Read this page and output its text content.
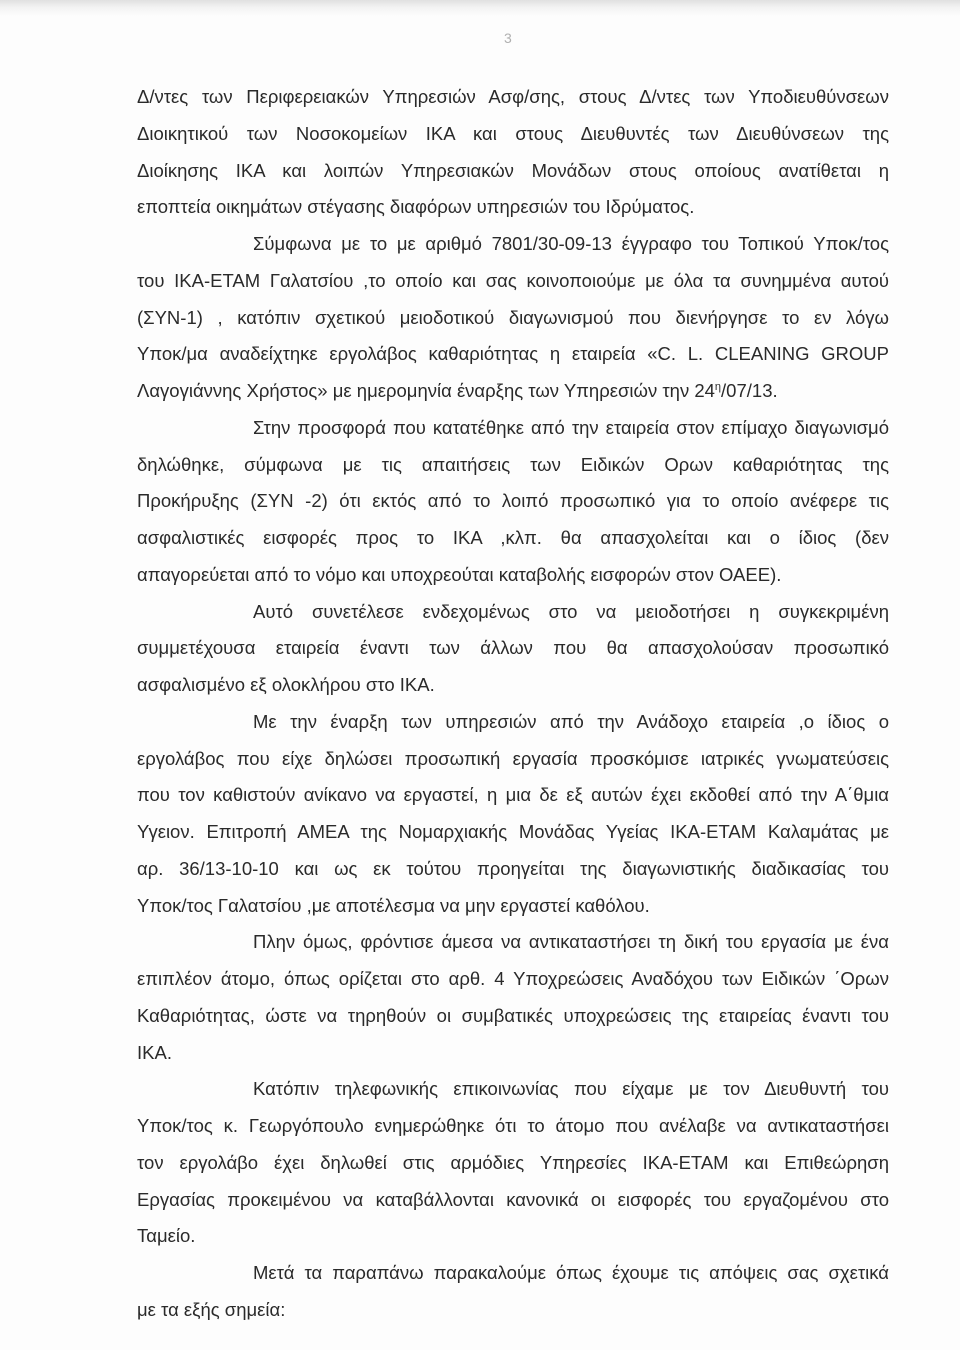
3
Δ/ντες των Περιφερειακών Υπηρεσιών Ασφ/σης, στους Δ/ντες των Υποδιευθύνσεων
Διοικητικού των Νοσοκομείων ΙΚΑ και στους Διευθυντές των Διευθύνσεων της
Διοίκησης ΙΚΑ και λοιπών Υπηρεσιακών Μονάδων στους οποίους ανατίθεται η
εποπτεία οικημάτων στέγασης διαφόρων υπηρεσιών του Ιδρύματος.
Σύμφωνα με το με αριθμό 7801/30-09-13 έγγραφο του Τοπικού Υποκ/τος
του ΙΚΑ-ΕΤΑΜ Γαλατσίου ,το οποίο και σας κοινοποιούμε με όλα τα συνημμένα αυτού
(ΣΥΝ-1) , κατόπιν σχετικού μειοδοτικού διαγωνισμού που διενήργησε το εν λόγω
Υποκ/μα αναδείχτηκε εργολάβος καθαριότητας η εταιρεία «C. L. CLEANING GROUP
Λαγογιάννης Χρήστος» με ημερομηνία έναρξης των Υπηρεσιών την $24^\eta/07/13$.
Στην προσφορά που κατατέθηκε από την εταιρεία στον επίμαχο διαγωνισμό
δηλώθηκε, σύμφωνα με τις απαιτήσεις των Ειδικών Ορων καθαριότητας της
Προκήρυξης (ΣΥΝ -2) ότι εκτός από το λοιπό προσωπικό για το οποίο ανέφερε τις
ασφαλιστικές εισφορές προς το ΙΚΑ ,κλπ. θα απασχολείται και ο ίδιος (δεν
απαγορεύεται από το νόμο και υποχρεούται καταβολής εισφορών στον ΟΑΕΕ).
Αυτό συνετέλεσε ενδεχομένως στο να μειοδοτήσει η συγκεκριμένη
συμμετέχουσα εταιρεία έναντι των άλλων που θα απασχολούσαν προσωπικό
ασφαλισμένο εξ ολοκλήρου στο ΙΚΑ.
Με την έναρξη των υπηρεσιών από την Ανάδοχο εταιρεία ,ο ίδιος ο
εργολάβος που είχε δηλώσει προσωπική εργασία προσκόμισε ιατρικές γνωματεύσεις
που τον καθιστούν ανίκανο να εργαστεί, η μια δε εξ αυτών έχει εκδοθεί από την Α΄θμια
Υγειον. Επιτροπή ΑΜΕΑ της Νομαρχιακής Μονάδας Υγείας ΙΚΑ-ΕΤΑΜ Καλαμάτας με
αρ. 36/13-10-10 και ως εκ τούτου προηγείται της διαγωνιστικής διαδικασίας του
Υποκ/τος Γαλατσίου ,με αποτέλεσμα να μην εργαστεί καθόλου.
Πλην όμως, φρόντισε άμεσα να αντικαταστήσει τη δική του εργασία με ένα
επιπλέον άτομο, όπως ορίζεται στο αρθ. 4 Υποχρεώσεις Αναδόχου των Ειδικών ΄Ορων
Καθαριότητας, ώστε να τηρηθούν οι συμβατικές υποχρεώσεις της εταιρείας έναντι του
ΙΚΑ.
Κατόπιν τηλεφωνικής επικοινωνίας που είχαμε με τον Διευθυντή του
Υποκ/τος κ. Γεωργόπουλο ενημερώθηκε ότι το άτομο που ανέλαβε να αντικαταστήσει
τον εργολάβο έχει δηλωθεί στις αρμόδιες Υπηρεσίες ΙΚΑ-ΕΤΑΜ και Επιθεώρηση
Εργασίας προκειμένου να καταβάλλονται κανονικά οι εισφορές του εργαζομένου στο
Ταμείο.
Μετά τα παραπάνω παρακαλούμε όπως έχουμε τις απόψεις σας σχετικά
με τα εξής σημεία:
